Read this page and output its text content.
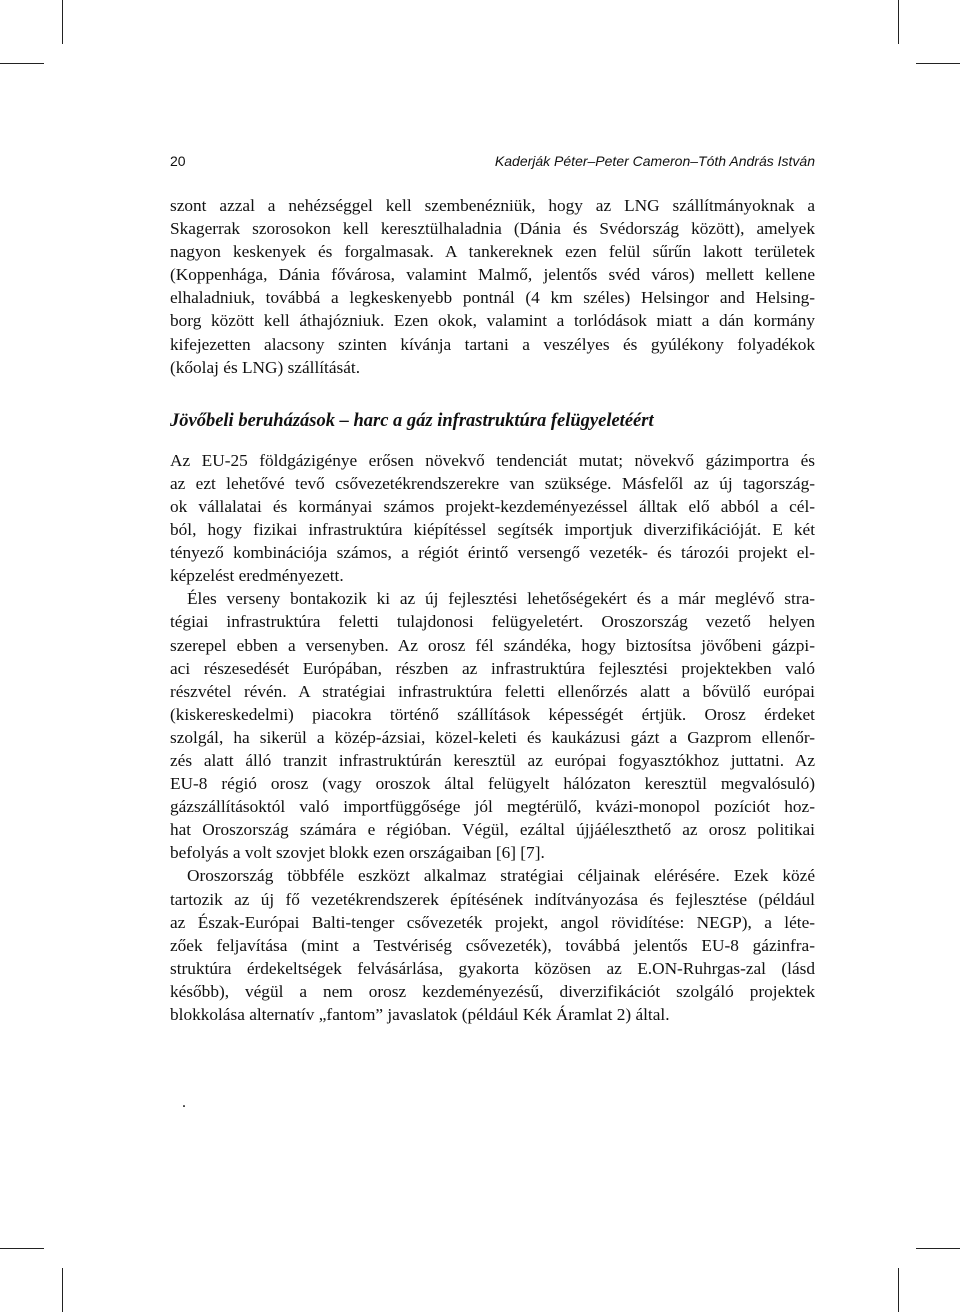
20	Kaderják Péter–Peter Cameron–Tóth András István
szont azzal a nehézséggel kell szembenézniük, hogy az LNG szállítmányoknak a
Skagerrak szorosokon kell keresztülhaladnia (Dánia és Svédország között), amelyek
nagyon keskenyek és forgalmasak. A tankereknek ezen felül sűrűn lakott területek
(Koppenhága, Dánia fővárosa, valamint Malmő, jelentős svéd város) mellett kellene
elhaladniuk, továbbá a legkeskenyebb pontnál (4 km széles) Helsingor and Helsing-
borg között kell áthajózniuk. Ezen okok, valamint a torlódások miatt a dán kormány
kifejezetten alacsony szinten kívánja tartani a veszélyes és gyúlékony folyadékok
(kőolaj és LNG) szállítását.
Jövőbeli beruházások – harc a gáz infrastruktúra felügyeletéért
Az EU-25 földgázigénye erősen növekvő tendenciát mutat; növekvő gázimportra és
az ezt lehetővé tevő csővezetékrendszerekre van szüksége. Másfelől az új tagország-
ok vállalatai és kormányai számos projekt-kezdeményezéssel álltak elő abból a cél-
ból, hogy fizikai infrastruktúra kiépítéssel segítsék importjuk diverzifikációját. E két
tényező kombinációja számos, a régiót érintő versengő vezeték- és tározói projekt el-
képzelést eredményezett.
Éles verseny bontakozik ki az új fejlesztési lehetőségekért és a már meglévő stra-
tégiai infrastruktúra feletti tulajdonosi felügyeletért. Oroszország vezető helyen
szerepel ebben a versenyben. Az orosz fél szándéka, hogy biztosítsa jövőbeni gázpi-
aci részesedését Európában, részben az infrastruktúra fejlesztési projektekben való
részvétel révén. A stratégiai infrastruktúra feletti ellenőrzés alatt a bővülő európai
(kiskereskedelmi) piacokra történő szállítások képességét értjük. Orosz érdeket
szolgál, ha sikerül a közép-ázsiai, közel-keleti és kaukázusi gázt a Gazprom ellenőr-
zés alatt álló tranzit infrastruktúrán keresztül az európai fogyasztókhoz juttatni. Az
EU-8 régió orosz (vagy oroszok által felügyelt hálózaton keresztül megvalósuló)
gázszállításoktól való importfüggősége jól megtérülő, kvázi-monopol pozíciót hoz-
hat Oroszország számára e régióban. Végül, ezáltal újjáéleszthető az orosz politikai
befolyás a volt szovjet blokk ezen országaiban [6] [7].
Oroszország többféle eszközt alkalmaz stratégiai céljainak elérésére. Ezek közé
tartozik az új fő vezetékrendszerek építésének indítványozása és fejlesztése (például
az Észak-Európai Balti-tenger csővezeték projekt, angol rövidítése: NEGP), a léte-
zőek feljavítása (mint a Testvériség csővezeték), továbbá jelentős EU-8 gázinfra-
struktúra érdekeltségek felvásárlása, gyakorta közösen az E.ON-Ruhrgas-zal (lásd
később), végül a nem orosz kezdeményezésű, diverzifikációt szolgáló projektek
blokkolása alternatív „fantom” javaslatok (például Kék Áramlat 2) által.
.
